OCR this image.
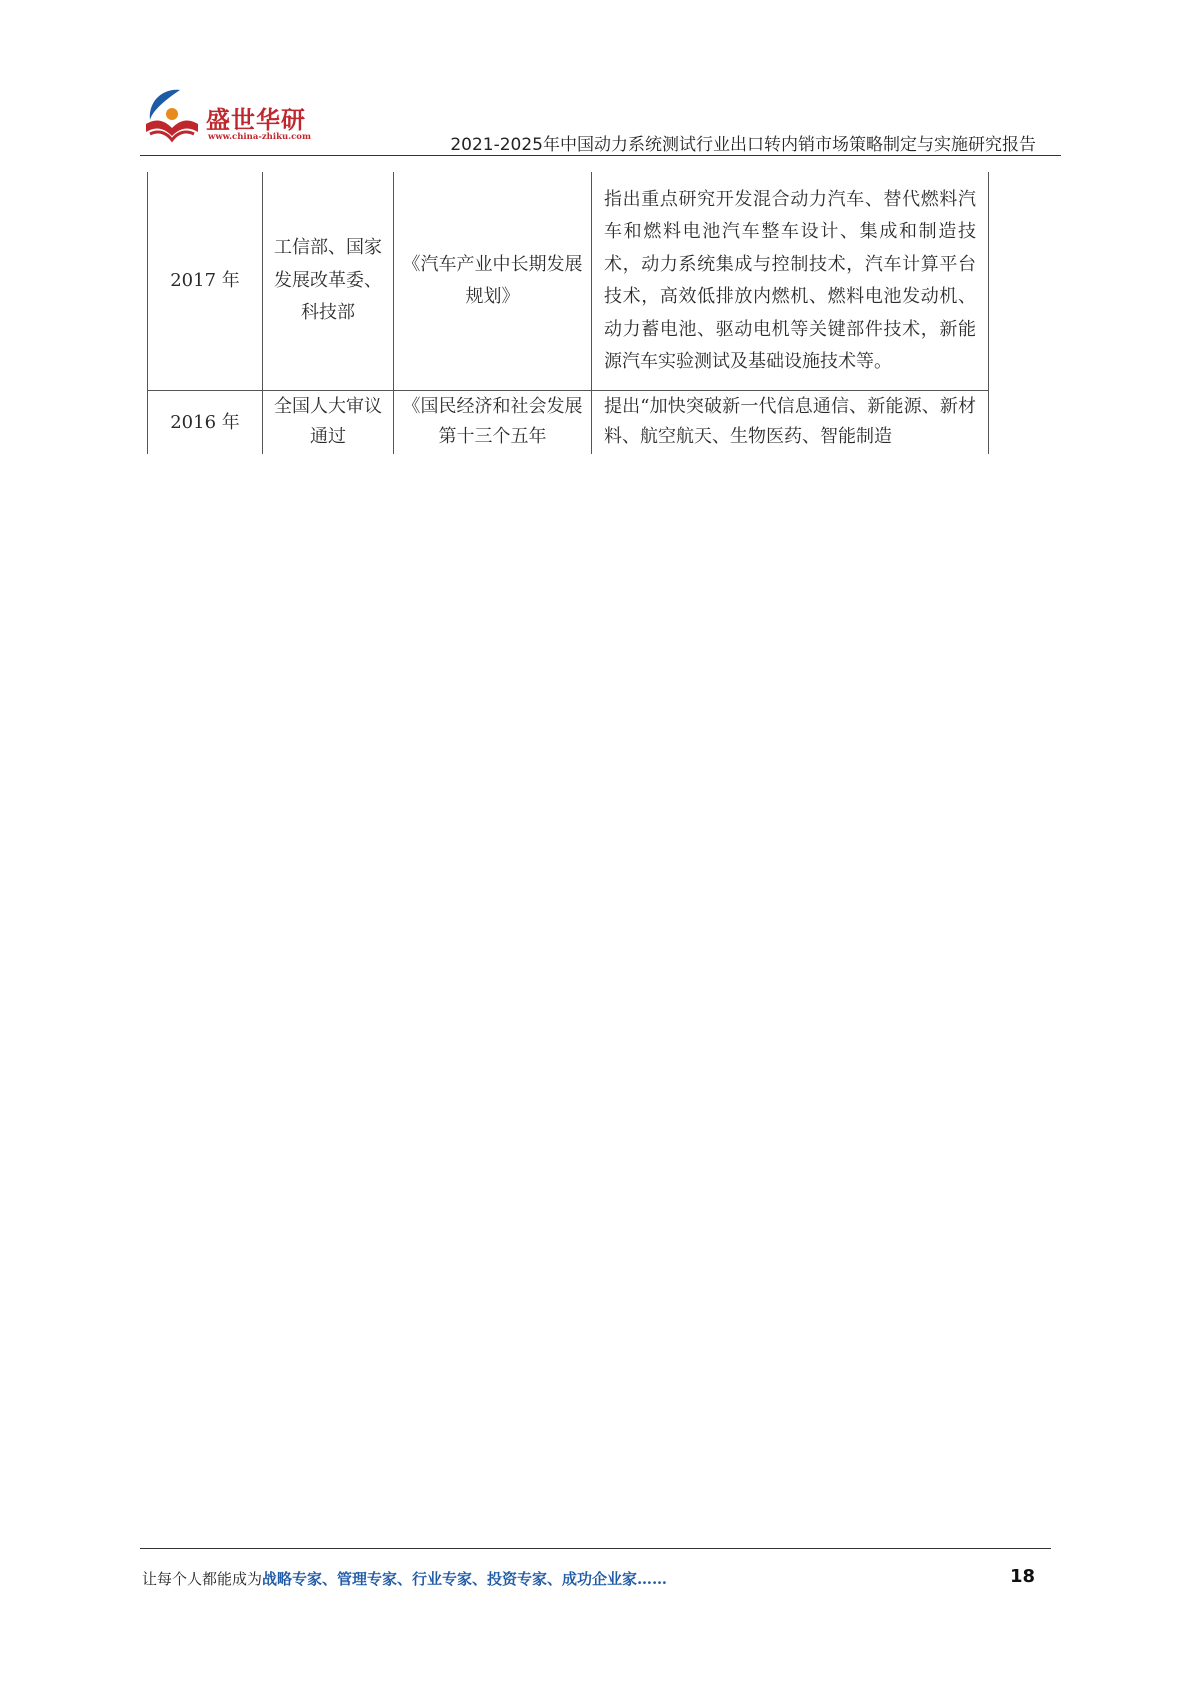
盛世华研
www.china-zhiku.com	2021-2025年中国动力系统测试行业出口转内销市场策略制定与实施研究报告
2017 年	工信部、国家发展改革委、科技部	《汽车产业中长期发展规划》	指出重点研究开发混合动力汽车、替代燃料汽车和燃料电池汽车整车设计、集成和制造技术，动力系统集成与控制技术，汽车计算平台技术，高效低排放内燃机、燃料电池发动机、动力蓄电池、驱动电机等关键部件技术，新能源汽车实验测试及基础设施技术等。

2016 年	全国人大审议通过	《国民经济和社会发展第十三个五年	提出“加快突破新一代信息通信、新能源、新材料、航空航天、生物医药、智能制造
让每个人都能成为战略专家、管理专家、行业专家、投资专家、成功企业家……	18
